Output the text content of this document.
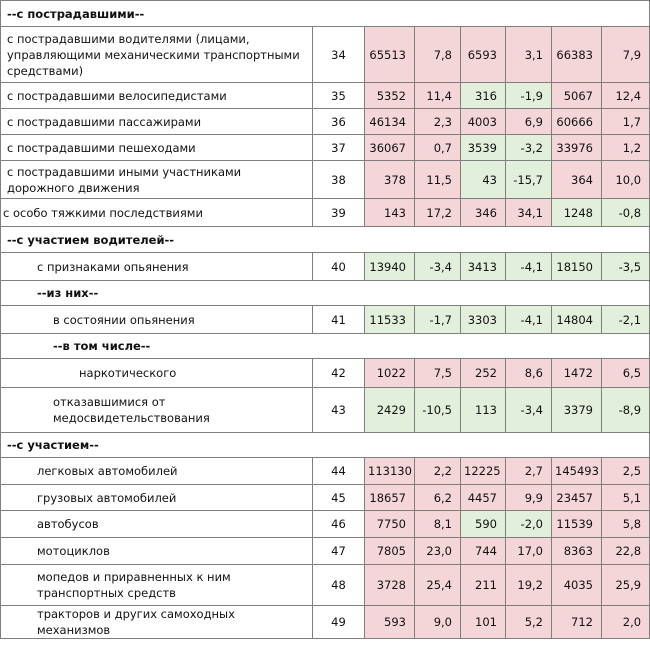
--с пострадавшими--							
с пострадавшими водителями (лицами, управляющими механическими транспортными средствами)	34	65513	7,8	6593	3,1	66383	7,9
с пострадавшими велосипедистами	35	5352	11,4	316	-1,9	5067	12,4
с пострадавшими пассажирами	36	46134	2,3	4003	6,9	60666	1,7
с пострадавшими пешеходами	37	36067	0,7	3539	-3,2	33976	1,2
с пострадавшими иными участниками дорожного движения	38	378	11,5	43	-15,7	364	10,0
с особо тяжкими последствиями	39	143	17,2	346	34,1	1248	-0,8
--с участием водителей--							
с признаками опьянения	40	13940	-3,4	3413	-4,1	18150	-3,5
--из них--							
в состоянии опьянения	41	11533	-1,7	3303	-4,1	14804	-2,1
--в том числе--							
наркотического	42	1022	7,5	252	8,6	1472	6,5
отказавшимися от медосвидетельствования	43	2429	-10,5	113	-3,4	3379	-8,9
--с участием--							
легковых автомобилей	44	113130	2,2	12225	2,7	145493	2,5
грузовых автомобилей	45	18657	6,2	4457	9,9	23457	5,1
автобусов	46	7750	8,1	590	-2,0	11539	5,8
мотоциклов	47	7805	23,0	744	17,0	8363	22,8
мопедов и приравненных к ним транспортных средств	48	3728	25,4	211	19,2	4035	25,9
тракторов и других самоходных механизмов	49	593	9,0	101	5,2	712	2,0
